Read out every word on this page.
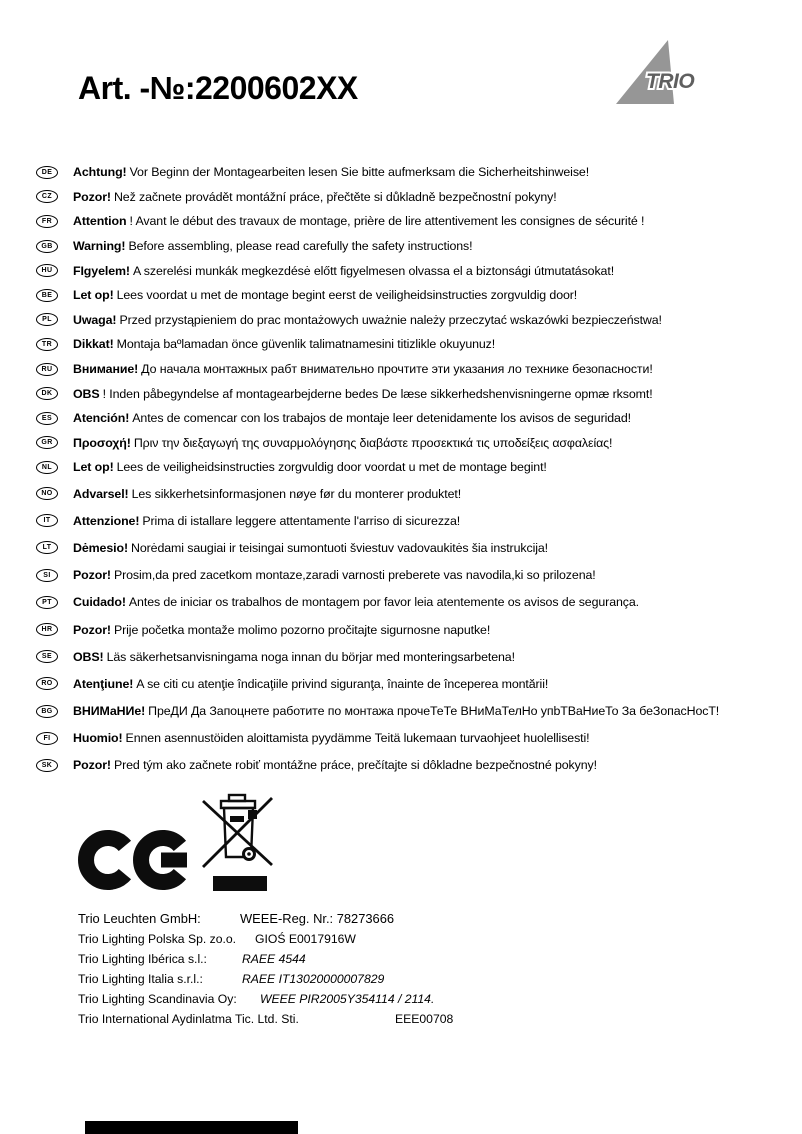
Art. -№:2200602XX	TRIO
DE	Achtung! Vor Beginn der Montagearbeiten lesen Sie bitte aufmerksam die Sicherheitshinweise!
CZ	Pozor! Než začnete provádět montážní práce, přečtěte si důkladně bezpečnostní pokyny!
FR	Attention ! Avant le début des travaux de montage, prière de lire attentivement les consignes de sécurité !
GB	Warning! Before assembling, please read carefully the safety instructions!
HU	FIgyelem! A szerelési munkák megkezdésė előtt figyelmesen olvassa el a biztonsági útmutatásokat!
BE	Let op! Lees voordat u met de montage begint eerst de veiligheidsinstructies zorgvuldig door!
PL	Uwaga! Przed przystąpieniem do prac montażowych uważnie należy przeczytać wskazówki bezpieczeństwa!
TR	Dikkat! Montaja baºlamadan önce güvenlik talimatnamesini titizlikle okuyunuz!
RU	Внимание! До начала монтажных рабт внимательно прочтите эти указания ло технике безопасности!
DK	OBS ! Inden påbegyndelse af montagearbejderne bedes De læse sikkerhedshenvisningerne opmæ rksomt!
ES	Atención! Antes de comencar con los trabajos de montaje leer detenidamente los avisos de seguridad!
GR	Προσοχή! Πριν την διεξαγωγή της συναρμολόγησης διαβάστε προσεκτικά τις υποδείξεις ασφαλείας!
NL	Let op! Lees de veiligheidsinstructies zorgvuldig door voordat u met de montage begint!
NO	Advarsel! Les sikkerhetsinformasjonen nøye før du monterer produktet!
IT	Attenzione! Prima di istallare leggere attentamente l'arriso di sicurezza!
LT	Dėmesio! Norėdami saugiai ir teisingai sumontuoti šviestuv vadovaukitės šia instrukcija!
SI	Pozor! Prosim,da pred zacetkom montaze,zaradi varnosti preberete vas navodila,ki so prilozena!
PT	Cuidado! Antes de iniciar os trabalhos de montagem por favor leia atentemente os avisos de segurança.
HR	Pozor! Prije početka montaže molimo pozorno pročitajte sigurnosne naputke!
SE	OBS! Läs säkerhetsanvisningama noga innan du börjar med monteringsarbetena!
RO	Atenţiune! A se citi cu atenţie îndicaţiile privind siguranţa, înainte de începerea montării!
BG	ВНИМаНИе! ПреДИ Да Запоцнете работите по монтажа прочеТеТе ВНиМаТелНо упbТВаНиеТо За беЗопасНосТ!
FI	Huomio! Ennen asennustöiden aloittamista pyydämme Teitä lukemaan turvaohjeet huolellisesti!
SK	Pozor! Pred tým ako začnete robiť montážne práce, prečítajte si dôkladne bezpečnostné pokyny!
Trio Leuchten GmbH:	WEEE-Reg. Nr.: 78273666
Trio Lighting Polska Sp. zo.o. GIOŚ E0017916W
Trio Lighting Ibérica s.l.:	RAEE 4544
Trio Lighting Italia s.r.l.:	RAEE IT13020000007829
Trio Lighting Scandinavia Oy: WEEE PIR2005Y354114 / 2114.
Trio International Aydinlatma Tic. Ltd. Sti.	EEE00708
